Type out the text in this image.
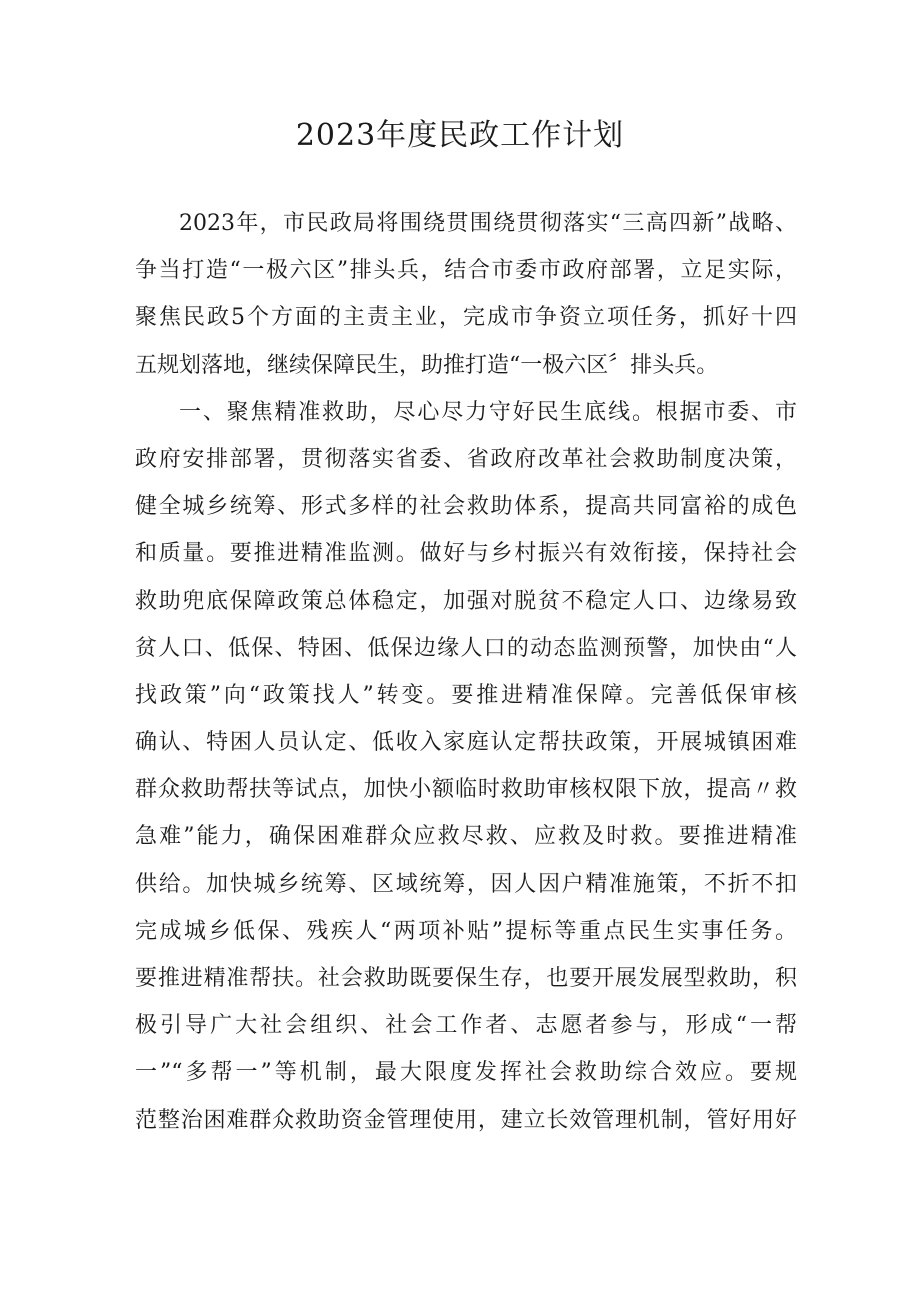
2023年度民政工作计划
2023年，市民政局将围绕贯围绕贯彻落实“三高四新”战略、
争当打造“一极六区”排头兵，结合市委市政府部署，立足实际，
聚焦民政5个方面的主责主业，完成市争资立项任务，抓好十四
五规划落地，继续保障民生，助推打造“一极六区〞排头兵。
一、聚焦精准救助，尽心尽力守好民生底线。根据市委、市
政府安排部署，贯彻落实省委、省政府改革社会救助制度决策，
健全城乡统筹、形式多样的社会救助体系，提高共同富裕的成色
和质量。要推进精准监测。做好与乡村振兴有效衔接，保持社会
救助兜底保障政策总体稳定，加强对脱贫不稳定人口、边缘易致
贫人口、低保、特困、低保边缘人口的动态监测预警，加快由“人
找政策”向“政策找人”转变。要推进精准保障。完善低保审核
确认、特困人员认定、低收入家庭认定帮扶政策，开展城镇困难
群众救助帮扶等试点，加快小额临时救助审核权限下放，提高〃救
急难”能力，确保困难群众应救尽救、应救及时救。要推进精准
供给。加快城乡统筹、区域统筹，因人因户精准施策，不折不扣
完成城乡低保、残疾人“两项补贴”提标等重点民生实事任务。
要推进精准帮扶。社会救助既要保生存，也要开展发展型救助，积
极引导广大社会组织、社会工作者、志愿者参与，形成“一帮
一”“多帮一”等机制，最大限度发挥社会救助综合效应。要规
范整治困难群众救助资金管理使用，建立长效管理机制，管好用好
